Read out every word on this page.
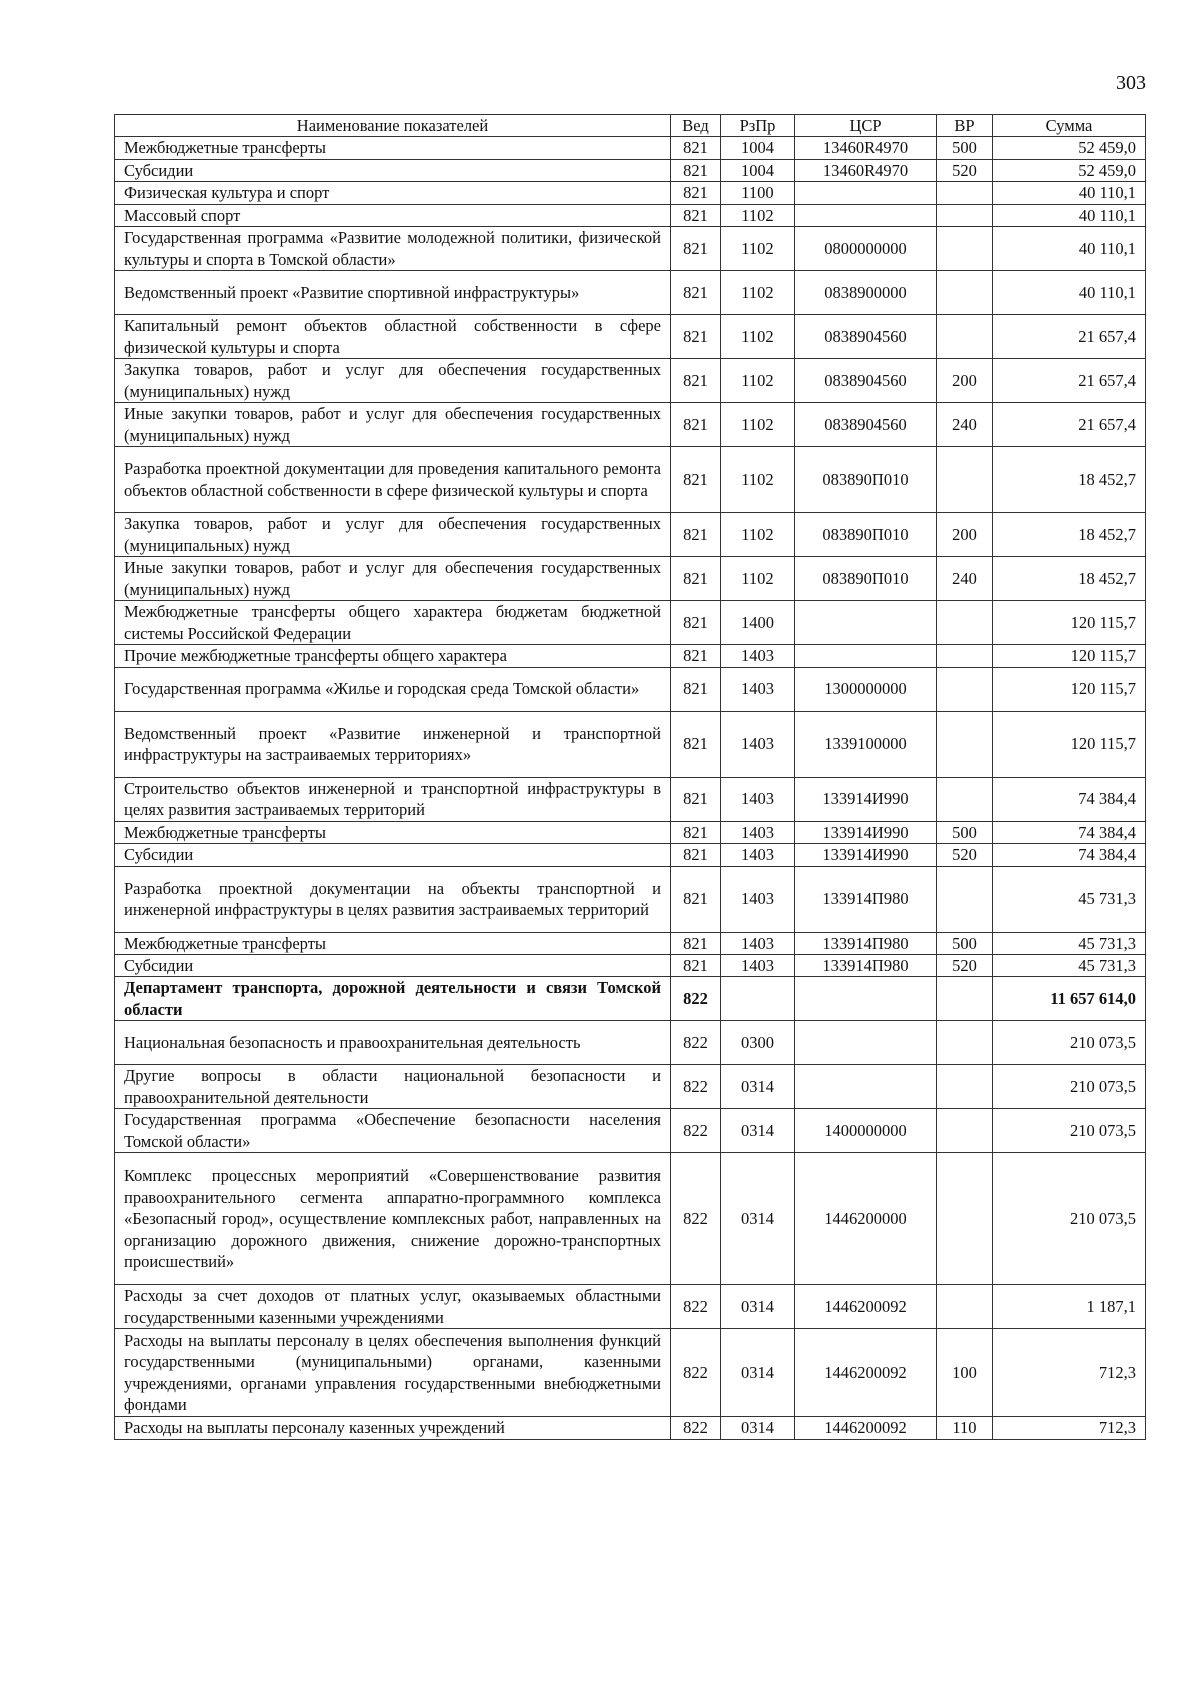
303
Наименование показателей	Вед	РзПр	ЦСР	ВР	Сумма
Межбюджетные трансферты	821	1004	13460R4970	500	52 459,0
Субсидии	821	1004	13460R4970	520	52 459,0
Физическая культура и спорт	821	1100			40 110,1
Массовый спорт	821	1102			40 110,1
Государственная программа «Развитие молодежной политики, физической культуры и спорта в Томской области»	821	1102	0800000000		40 110,1
Ведомственный проект «Развитие спортивной инфраструктуры»	821	1102	0838900000		40 110,1
Капитальный ремонт объектов областной собственности в сфере физической культуры и спорта	821	1102	0838904560		21 657,4
Закупка товаров, работ и услуг для обеспечения государственных (муниципальных) нужд	821	1102	0838904560	200	21 657,4
Иные закупки товаров, работ и услуг для обеспечения государственных (муниципальных) нужд	821	1102	0838904560	240	21 657,4
Разработка проектной документации для проведения капитального ремонта объектов областной собственности в сфере физической культуры и спорта	821	1102	083890П010		18 452,7
Закупка товаров, работ и услуг для обеспечения государственных (муниципальных) нужд	821	1102	083890П010	200	18 452,7
Иные закупки товаров, работ и услуг для обеспечения государственных (муниципальных) нужд	821	1102	083890П010	240	18 452,7
Межбюджетные трансферты общего характера бюджетам бюджетной системы Российской Федерации	821	1400			120 115,7
Прочие межбюджетные трансферты общего характера	821	1403			120 115,7
Государственная программа «Жилье и городская среда Томской области»	821	1403	1300000000		120 115,7
Ведомственный проект «Развитие инженерной и транспортной инфраструктуры на застраиваемых территориях»	821	1403	1339100000		120 115,7
Строительство объектов инженерной и транспортной инфраструктуры в целях развития застраиваемых территорий	821	1403	133914И990		74 384,4
Межбюджетные трансферты	821	1403	133914И990	500	74 384,4
Субсидии	821	1403	133914И990	520	74 384,4
Разработка проектной документации на объекты транспортной и инженерной инфраструктуры в целях развития застраиваемых территорий	821	1403	133914П980		45 731,3
Межбюджетные трансферты	821	1403	133914П980	500	45 731,3
Субсидии	821	1403	133914П980	520	45 731,3
Департамент транспорта, дорожной деятельности и связи Томской области	822				11 657 614,0
Национальная безопасность и правоохранительная деятельность	822	0300			210 073,5
Другие вопросы в области национальной безопасности и правоохранительной деятельности	822	0314			210 073,5
Государственная программа «Обеспечение безопасности населения Томской области»	822	0314	1400000000		210 073,5
Комплекс процессных мероприятий «Совершенствование развития правоохранительного сегмента аппаратно-программного комплекса «Безопасный город», осуществление комплексных работ, направленных на организацию дорожного движения, снижение дорожно-транспортных происшествий»	822	0314	1446200000		210 073,5
Расходы за счет доходов от платных услуг, оказываемых областными государственными казенными учреждениями	822	0314	1446200092		1 187,1
Расходы на выплаты персоналу в целях обеспечения выполнения функций государственными (муниципальными) органами, казенными учреждениями, органами управления государственными внебюджетными фондами	822	0314	1446200092	100	712,3
Расходы на выплаты персоналу казенных учреждений	822	0314	1446200092	110	712,3
